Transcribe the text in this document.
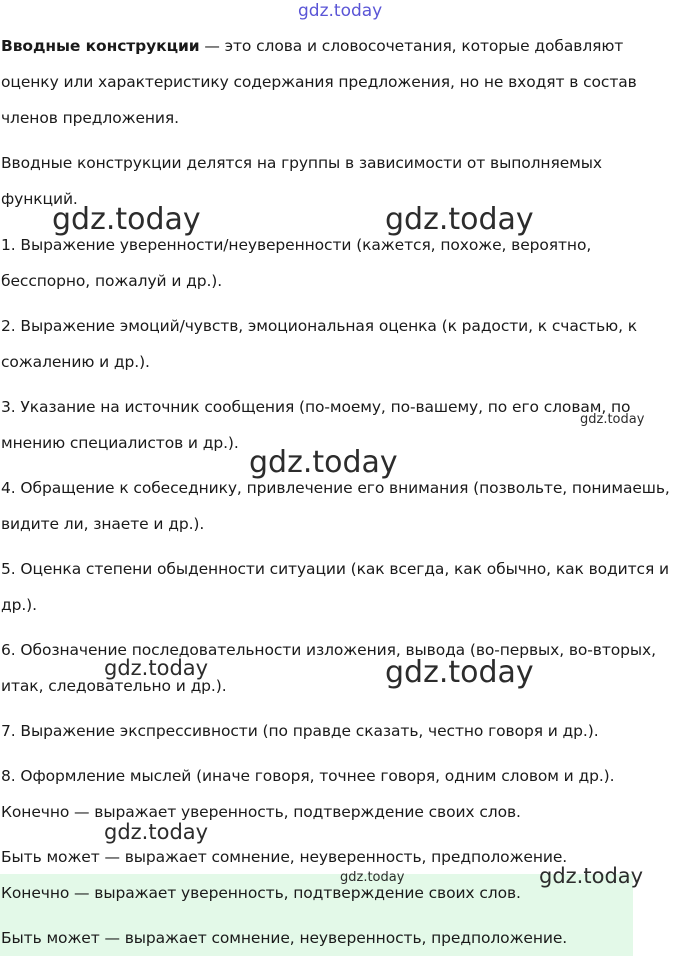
gdz.today

Вводные конструкции — это слова и словосочетания, которые добавляют оценку или характеристику содержания предложения, но не входят в состав членов предложения.

Вводные конструкции делятся на группы в зависимости от выполняемых функций.

1. Выражение уверенности/неуверенности (кажется, похоже, вероятно, бесспорно, пожалуй и др.).

2. Выражение эмоций/чувств, эмоциональная оценка (к радости, к счастью, к сожалению и др.).

3. Указание на источник сообщения (по-моему, по-вашему, по его словам, по мнению специалистов и др.).

4. Обращение к собеседнику, привлечение его внимания (позвольте, понимаешь, видите ли, знаете и др.).

5. Оценка степени обыденности ситуации (как всегда, как обычно, как водится и др.).

6. Обозначение последовательности изложения, вывода (во-первых, во-вторых, итак, следовательно и др.).

7. Выражение экспрессивности (по правде сказать, честно говоря и др.).

8. Оформление мыслей (иначе говоря, точнее говоря, одним словом и др.).

Конечно — выражает уверенность, подтверждение своих слов.

Быть может — выражает сомнение, неуверенность, предположение.

Конечно — выражает уверенность, подтверждение своих слов.

Быть может — выражает сомнение, неуверенность, предположение.

gdz.today	gdz.today
gdz.today
gdz.today
gdz.today	gdz.today
gdz.today
gdz.today	gdz.today
